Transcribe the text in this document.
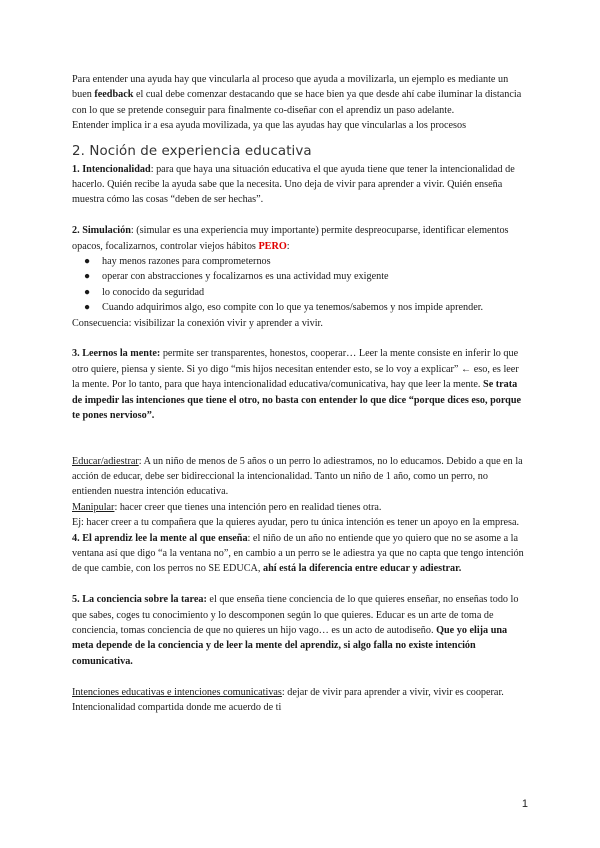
Para entender una ayuda hay que vincularla al proceso que ayuda a movilizarla, un ejemplo es mediante un buen feedback el cual debe comenzar destacando que se hace bien ya que desde ahí cabe iluminar la distancia con lo que se pretende conseguir para finalmente co-diseñar con el aprendiz un paso adelante.

Entender implica ir a esa ayuda movilizada, ya que las ayudas hay que vincularlas a los procesos

2. Noción de experiencia educativa

1. Intencionalidad: para que haya una situación educativa el que ayuda tiene que tener la intencionalidad de hacerlo. Quién recibe la ayuda sabe que la necesita. Uno deja de vivir para aprender a vivir. Quién enseña muestra cómo las cosas “deben de ser hechas”.

2. Simulación: (simular es una experiencia muy importante) permite despreocuparse, identificar elementos opacos, focalizarnos, controlar viejos hábitos PERO:

● hay menos razones para comprometernos
● operar con abstracciones y focalizarnos es una actividad muy exigente
● lo conocido da seguridad
● Cuando adquirimos algo, eso compite con lo que ya tenemos/sabemos y nos impide aprender.

Consecuencia: visibilizar la conexión vivir y aprender a vivir.

3. Leernos la mente: permite ser transparentes, honestos, cooperar… Leer la mente consiste en inferir lo que otro quiere, piensa y siente. Si yo digo “mis hijos necesitan entender esto, se lo voy a explicar” ← eso, es leer la mente. Por lo tanto, para que haya intencionalidad educativa/comunicativa, hay que leer la mente. Se trata de impedir las intenciones que tiene el otro, no basta con entender lo que dice “porque dices eso, porque te pones nervioso”.

Educar/adiestrar: A un niño de menos de 5 años o un perro lo adiestramos, no lo educamos. Debido a que en la acción de educar, debe ser bidireccional la intencionalidad. Tanto un niño de 1 año, como un perro, no entienden nuestra intención educativa.

Manipular: hacer creer que tienes una intención pero en realidad tienes otra.

Ej: hacer creer a tu compañera que la quieres ayudar, pero tu única intención es tener un apoyo en la empresa.

4. El aprendiz lee la mente al que enseña: el niño de un año no entiende que yo quiero que no se asome a la ventana así que digo “a la ventana no”, en cambio a un perro se le adiestra ya que no capta que tengo intención de que cambie, con los perros no SE EDUCA, ahí está la diferencia entre educar y adiestrar.

5. La conciencia sobre la tarea: el que enseña tiene conciencia de lo que quieres enseñar, no enseñas todo lo que sabes, coges tu conocimiento y lo descomponen según lo que quieres. Educar es un arte de toma de conciencia, tomas conciencia de que no quieres un hijo vago… es un acto de autodiseño. Que yo elija una meta depende de la conciencia y de leer la mente del aprendiz, si algo falla no existe intención comunicativa.

Intenciones educativas e intenciones comunicativas: dejar de vivir para aprender a vivir, vivir es cooperar. Intencionalidad compartida donde me acuerdo de ti

1
